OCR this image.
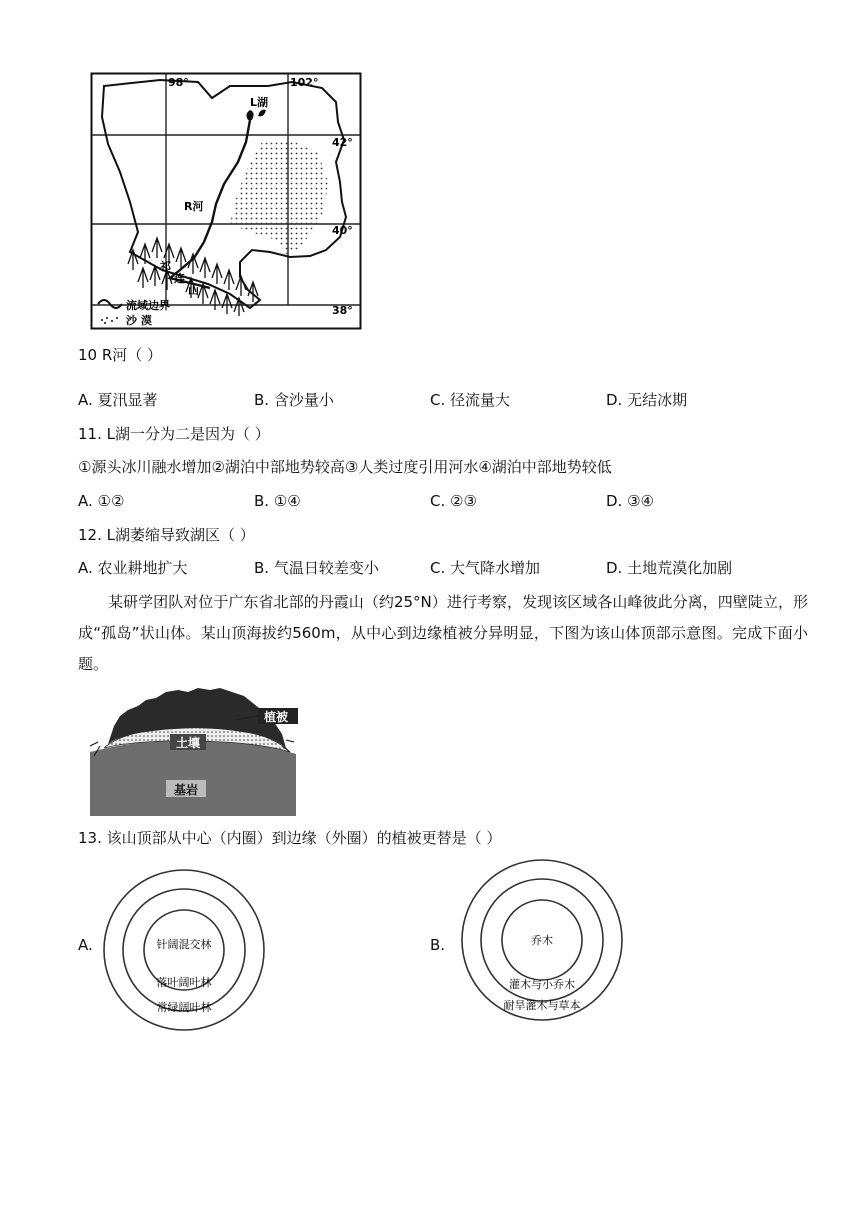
98°	102°
42°
40°
38°
L湖
R河
祁
连
山
流域边界
沙 漠
10 R河（ ）
A. 夏汛显著	B. 含沙量小	C. 径流量大	D. 无结冰期
11. L湖一分为二是因为（ ）
①源头冰川融水增加②湖泊中部地势较高③人类过度引用河水④湖泊中部地势较低
A. ①②	B. ①④	C. ②③	D. ③④
12. L湖萎缩导致湖区（ ）
A. 农业耕地扩大	B. 气温日较差变小	C. 大气降水增加	D. 土地荒漠化加剧
某研学团队对位于广东省北部的丹霞山（约25°N）进行考察，发现该区域各山峰彼此分离，四壁陡立，形成“孤岛”状山体。某山顶海拔约560m，从中心到边缘植被分异明显，下图为该山体顶部示意图。完成下面小题。
植被
土壤
基岩
13. 该山顶部从中心（内圈）到边缘（外圈）的植被更替是（ ）
A.	针阔混交林
落叶阔叶林
常绿阔叶林
B.	乔木
灌木与小乔木
耐旱灌木与草本
